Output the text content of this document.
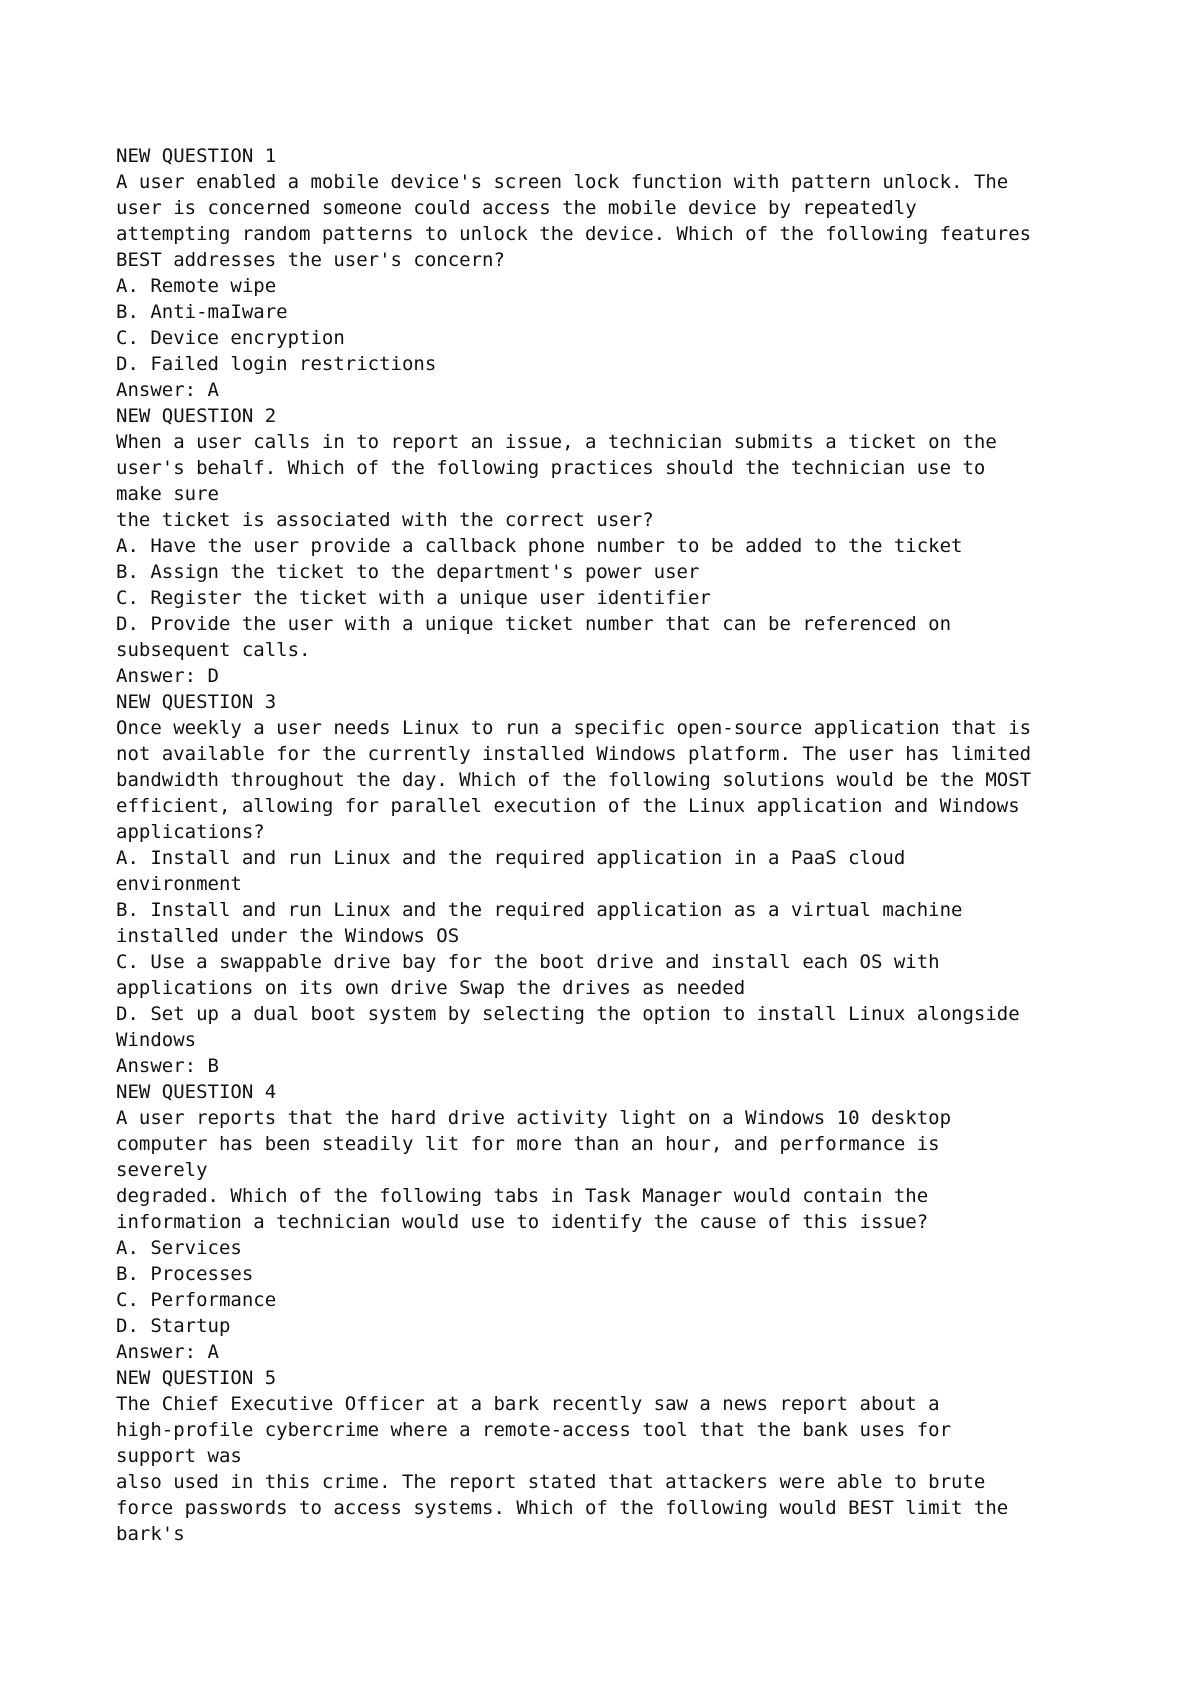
NEW QUESTION 1
A user enabled a mobile device's screen lock function with pattern unlock. The
user is concerned someone could access the mobile device by repeatedly
attempting random patterns to unlock the device. Which of the following features
BEST addresses the user's concern?
A. Remote wipe
B. Anti-maIware
C. Device encryption
D. Failed login restrictions
Answer: A
NEW QUESTION 2
When a user calls in to report an issue, a technician submits a ticket on the
user's behalf. Which of the following practices should the technician use to
make sure
the ticket is associated with the correct user?
A. Have the user provide a callback phone number to be added to the ticket
B. Assign the ticket to the department's power user
C. Register the ticket with a unique user identifier
D. Provide the user with a unique ticket number that can be referenced on
subsequent calls.
Answer: D
NEW QUESTION 3
Once weekly a user needs Linux to run a specific open-source application that is
not available for the currently installed Windows platform. The user has limited
bandwidth throughout the day. Which of the following solutions would be the MOST
efficient, allowing for parallel execution of the Linux application and Windows
applications?
A. Install and run Linux and the required application in a PaaS cloud
environment
B. Install and run Linux and the required application as a virtual machine
installed under the Windows OS
C. Use a swappable drive bay for the boot drive and install each OS with
applications on its own drive Swap the drives as needed
D. Set up a dual boot system by selecting the option to install Linux alongside
Windows
Answer: B
NEW QUESTION 4
A user reports that the hard drive activity light on a Windows 10 desktop
computer has been steadily lit for more than an hour, and performance is
severely
degraded. Which of the following tabs in Task Manager would contain the
information a technician would use to identify the cause of this issue?
A. Services
B. Processes
C. Performance
D. Startup
Answer: A
NEW QUESTION 5
The Chief Executive Officer at a bark recently saw a news report about a
high-profile cybercrime where a remote-access tool that the bank uses for
support was
also used in this crime. The report stated that attackers were able to brute
force passwords to access systems. Which of the following would BEST limit the
bark's
